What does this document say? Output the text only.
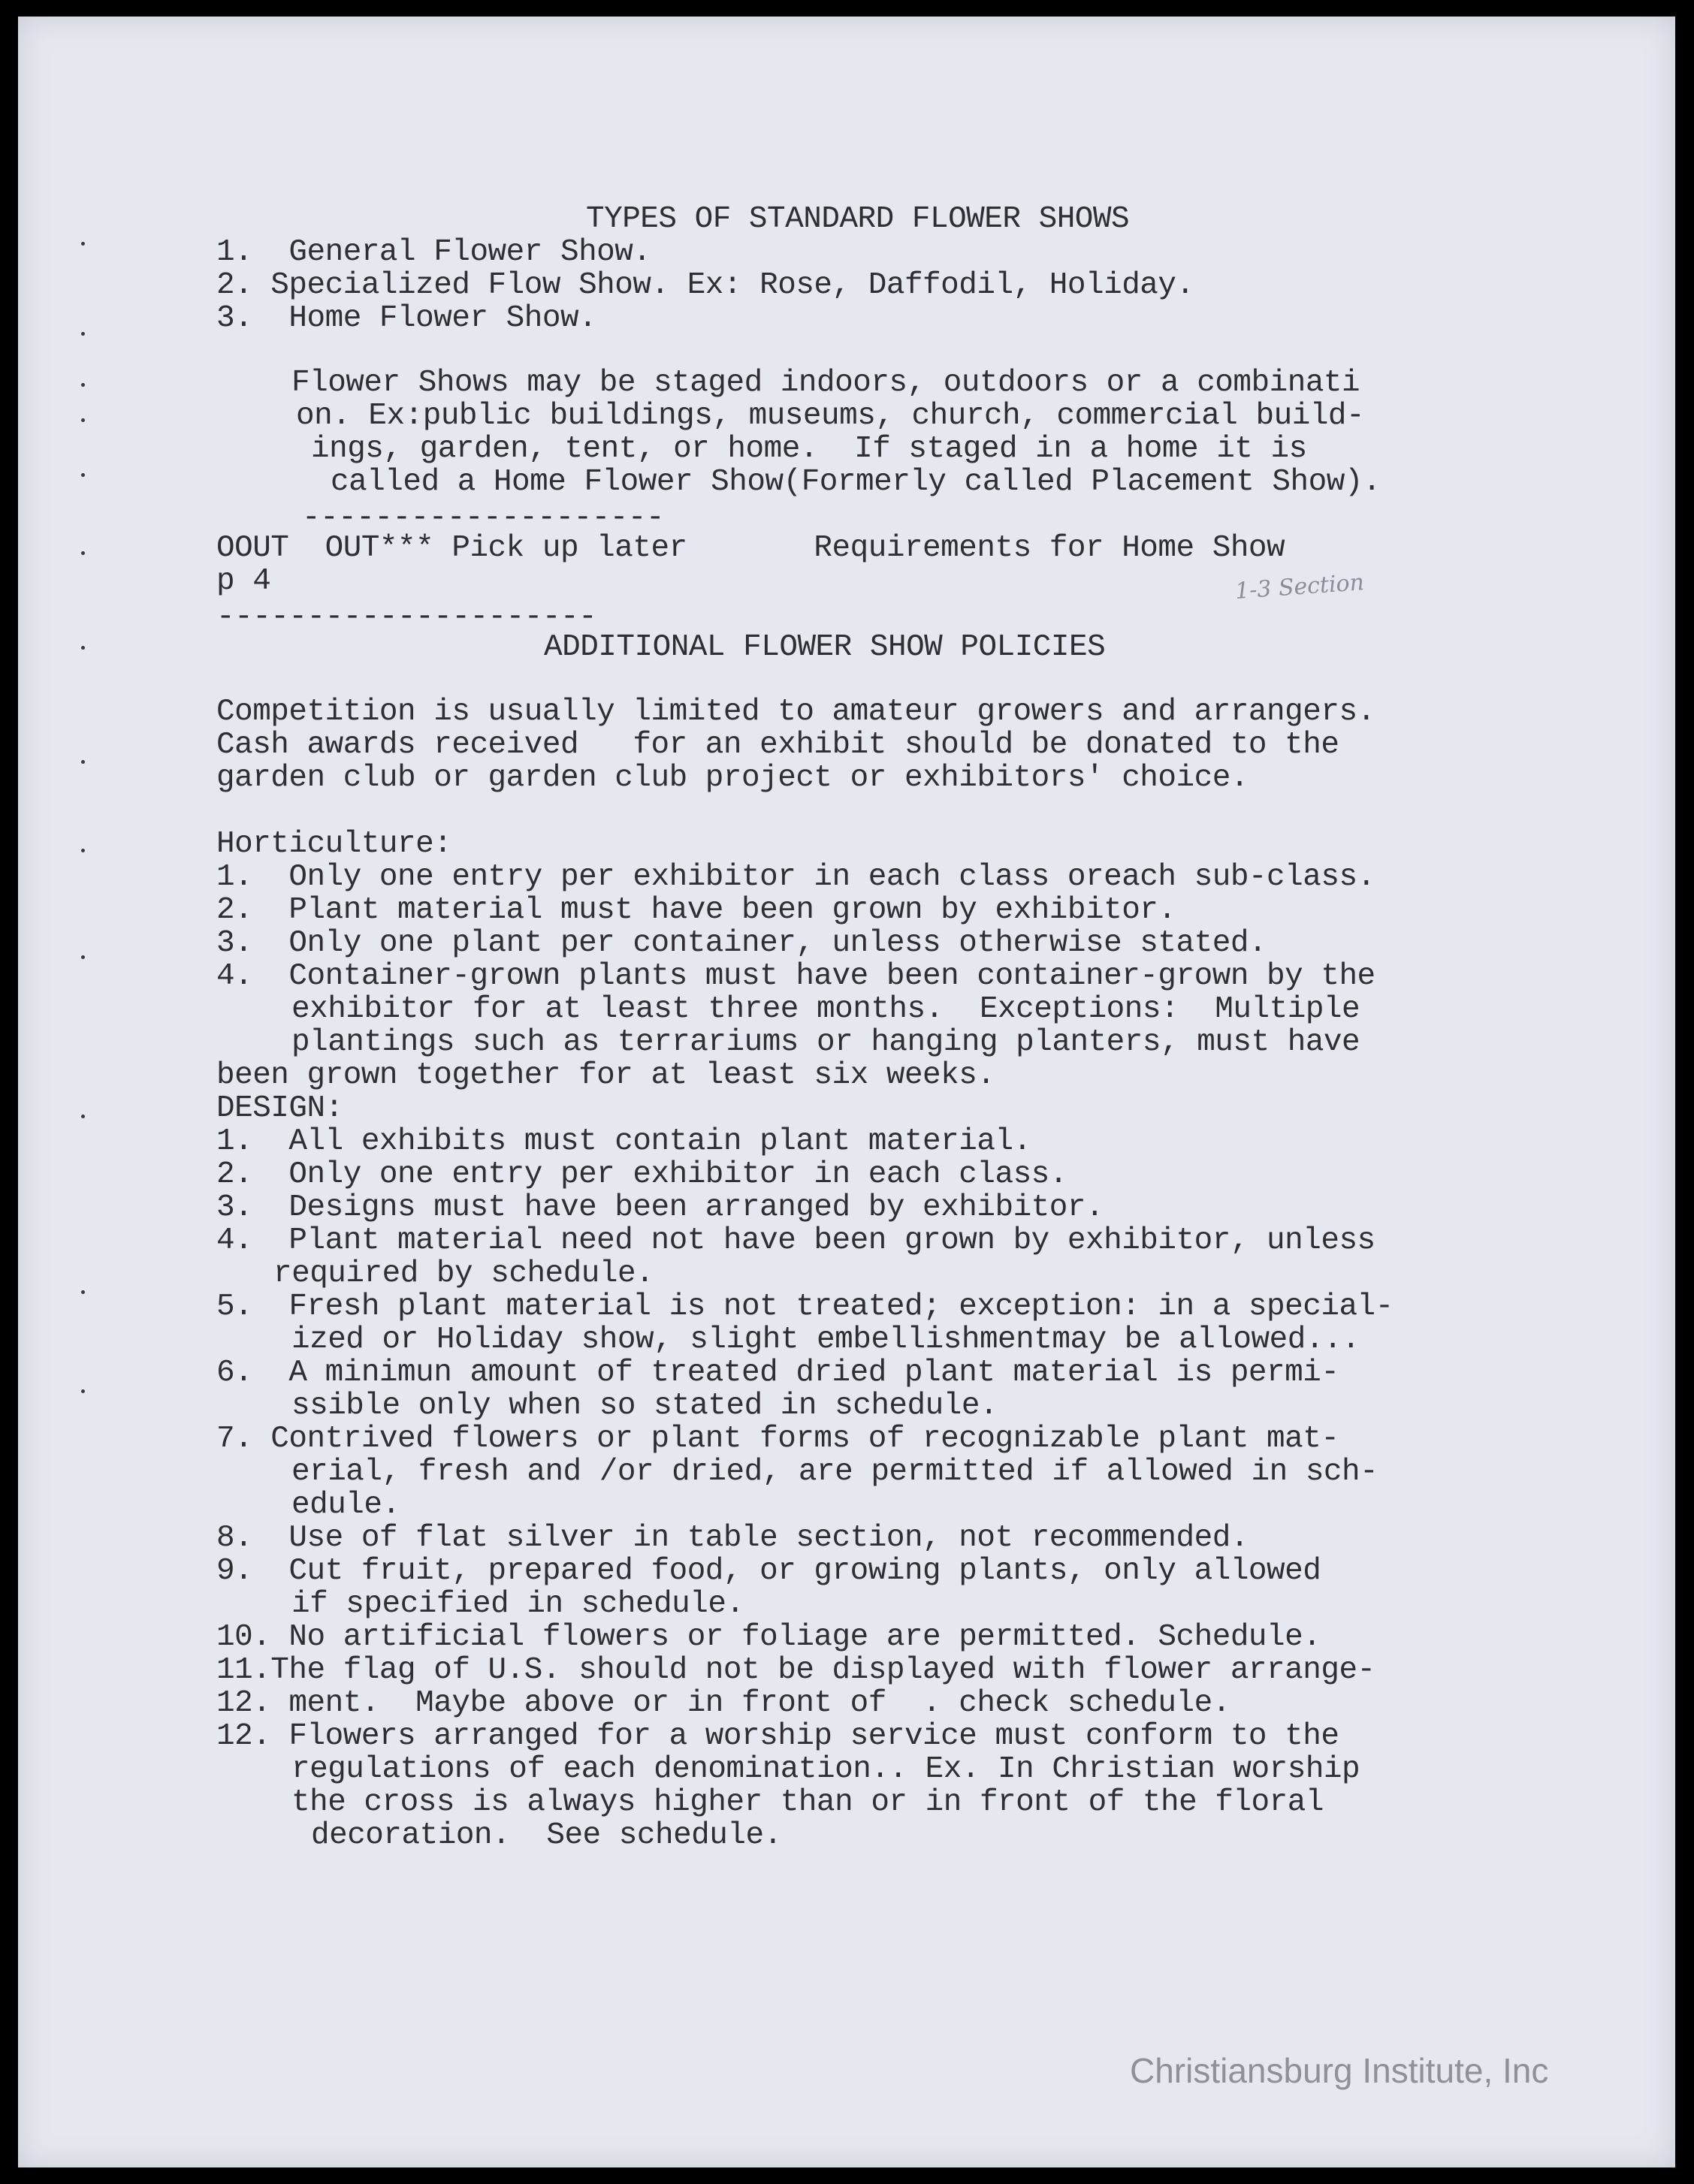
TYPES OF STANDARD FLOWER SHOWS
1.  General Flower Show.
2. Specialized Flow Show. Ex: Rose, Daffodil, Holiday.
3.  Home Flower Show.
Flower Shows may be staged indoors, outdoors or a combinati
on. Ex:public buildings, museums, church, commercial build-
ings, garden, tent, or home.  If staged in a home it is
called a Home Flower Show(Formerly called Placement Show).
--------------------
OOUT  OUT*** Pick up later       Requirements for Home Show
p 4	1-3 Section
---------------------
ADDITIONAL FLOWER SHOW POLICIES
Competition is usually limited to amateur growers and arrangers.
Cash awards received   for an exhibit should be donated to the
garden club or garden club project or exhibitors' choice.
Horticulture:
1.  Only one entry per exhibitor in each class oreach sub-class.
2.  Plant material must have been grown by exhibitor.
3.  Only one plant per container, unless otherwise stated.
4.  Container-grown plants must have been container-grown by the
exhibitor for at least three months.  Exceptions:  Multiple
plantings such as terrariums or hanging planters, must have
been grown together for at least six weeks.
DESIGN:
1.  All exhibits must contain plant material.
2.  Only one entry per exhibitor in each class.
3.  Designs must have been arranged by exhibitor.
4.  Plant material need not have been grown by exhibitor, unless
required by schedule.
5.  Fresh plant material is not treated; exception: in a special-
ized or Holiday show, slight embellishmentmay be allowed...
6.  A minimun amount of treated dried plant material is permi-
ssible only when so stated in schedule.
7. Contrived flowers or plant forms of recognizable plant mat-
erial, fresh and /or dried, are permitted if allowed in sch-
edule.
8.  Use of flat silver in table section, not recommended.
9.  Cut fruit, prepared food, or growing plants, only allowed
if specified in schedule.
10. No artificial flowers or foliage are permitted. Schedule.
11.The flag of U.S. should not be displayed with flower arrange-
12. ment.  Maybe above or in front of  . check schedule.
12. Flowers arranged for a worship service must conform to the
regulations of each denomination.. Ex. In Christian worship
the cross is always higher than or in front of the floral
decoration.  See schedule.
Christiansburg Institute, Inc
